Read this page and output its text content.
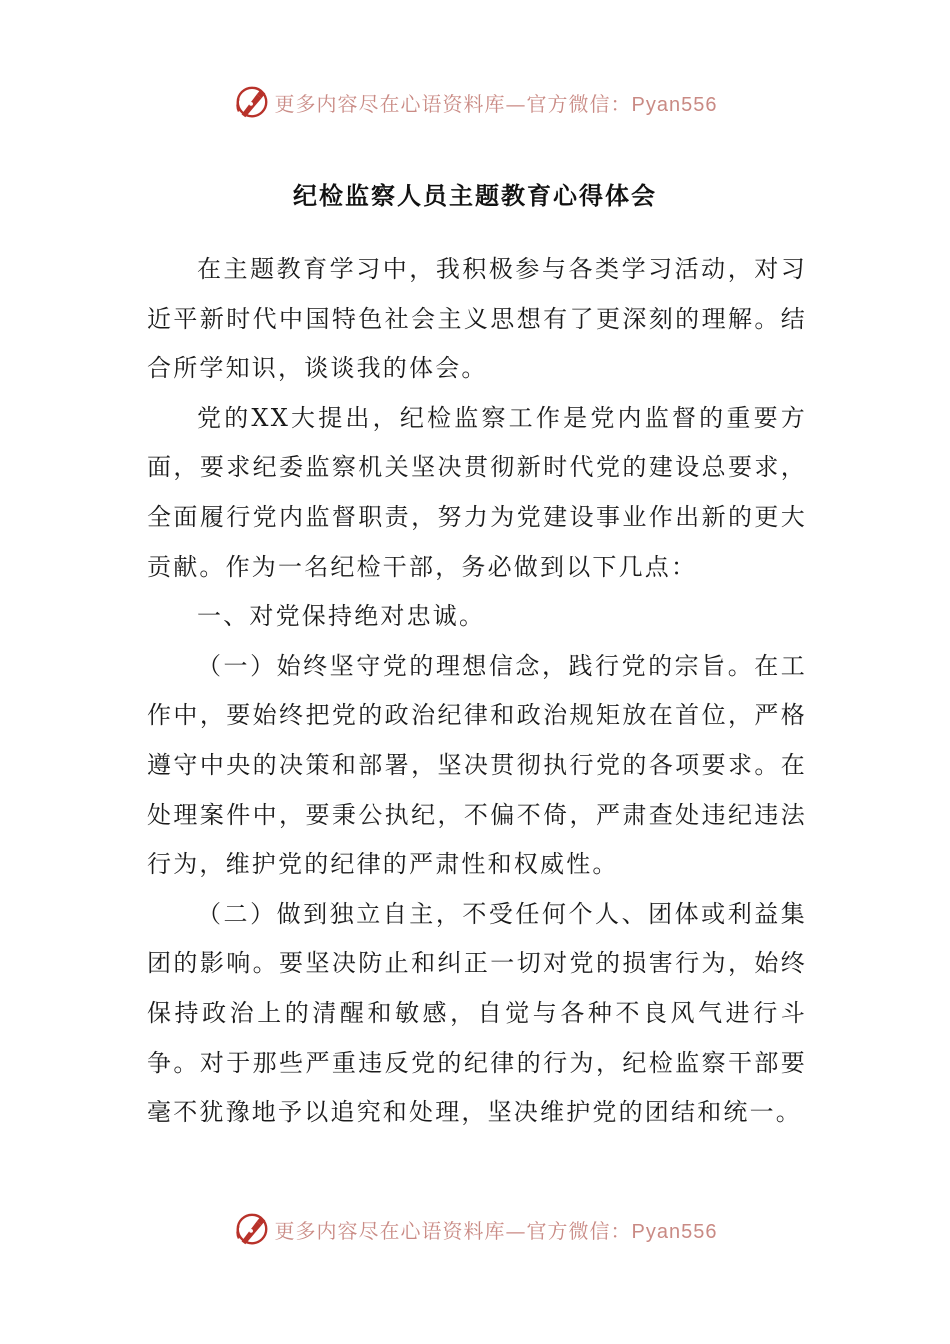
更多内容尽在心语资料库—官方微信：Pyan556
纪检监察人员主题教育心得体会

在主题教育学习中，我积极参与各类学习活动，对习近平新时代中国特色社会主义思想有了更深刻的理解。结合所学知识，谈谈我的体会。

党的XX大提出，纪检监察工作是党内监督的重要方面，要求纪委监察机关坚决贯彻新时代党的建设总要求，全面履行党内监督职责，努力为党建设事业作出新的更大贡献。作为一名纪检干部，务必做到以下几点：

一、对党保持绝对忠诚。

（一）始终坚守党的理想信念，践行党的宗旨。在工作中，要始终把党的政治纪律和政治规矩放在首位，严格遵守中央的决策和部署，坚决贯彻执行党的各项要求。在处理案件中，要秉公执纪，不偏不倚，严肃查处违纪违法行为，维护党的纪律的严肃性和权威性。

（二）做到独立自主，不受任何个人、团体或利益集团的影响。要坚决防止和纠正一切对党的损害行为，始终保持政治上的清醒和敏感，自觉与各种不良风气进行斗争。对于那些严重违反党的纪律的行为，纪检监察干部要毫不犹豫地予以追究和处理，坚决维护党的团结和统一。

更多内容尽在心语资料库—官方微信：Pyan556
